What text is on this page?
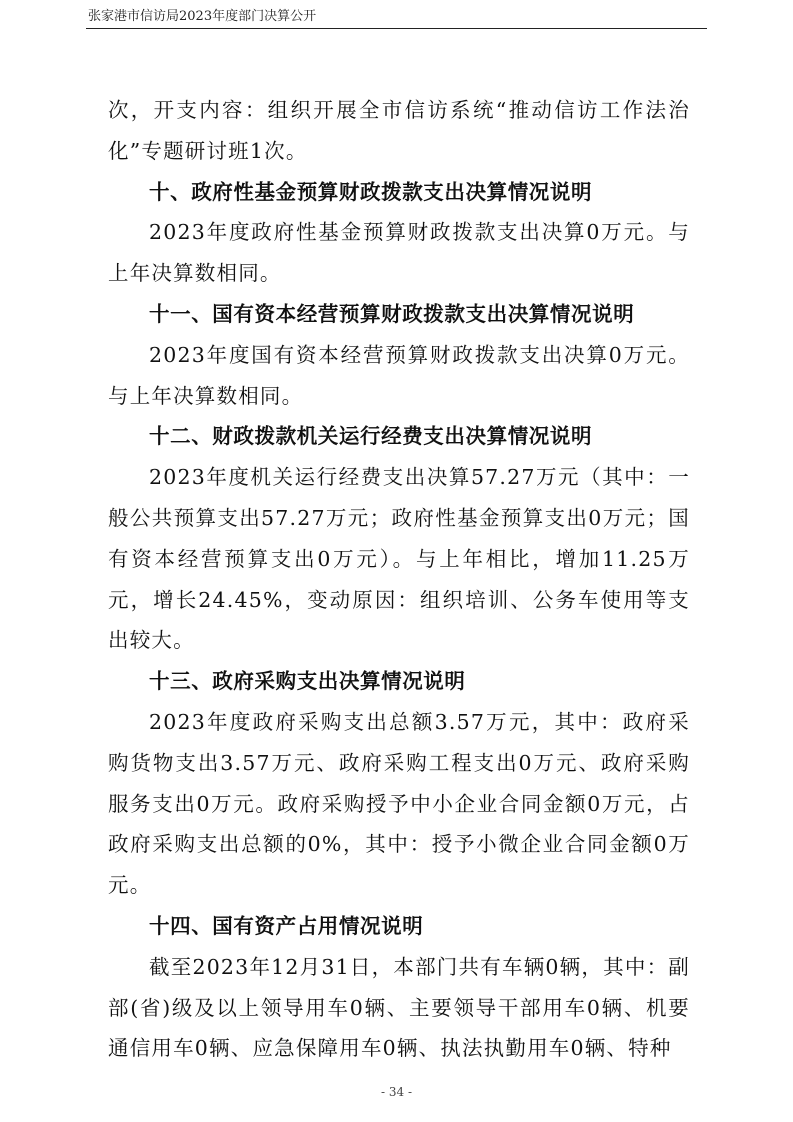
张家港市信访局2023年度部门决算公开

次，开支内容：组织开展全市信访系统“推动信访工作法治化”专题研讨班1次。

十、政府性基金预算财政拨款支出决算情况说明

2023年度政府性基金预算财政拨款支出决算0万元。与上年决算数相同。

十一、国有资本经营预算财政拨款支出决算情况说明

2023年度国有资本经营预算财政拨款支出决算0万元。与上年决算数相同。

十二、财政拨款机关运行经费支出决算情况说明

2023年度机关运行经费支出决算57.27万元（其中：一般公共预算支出57.27万元；政府性基金预算支出0万元；国有资本经营预算支出0万元）。与上年相比，增加11.25万元，增长24.45%，变动原因：组织培训、公务车使用等支出较大。

十三、政府采购支出决算情况说明

2023年度政府采购支出总额3.57万元，其中：政府采购货物支出3.57万元、政府采购工程支出0万元、政府采购服务支出0万元。政府采购授予中小企业合同金额0万元，占政府采购支出总额的0%，其中：授予小微企业合同金额0万元。

十四、国有资产占用情况说明

截至2023年12月31日，本部门共有车辆0辆，其中：副部(省)级及以上领导用车0辆、主要领导干部用车0辆、机要通信用车0辆、应急保障用车0辆、执法执勤用车0辆、特种

- 34 -
